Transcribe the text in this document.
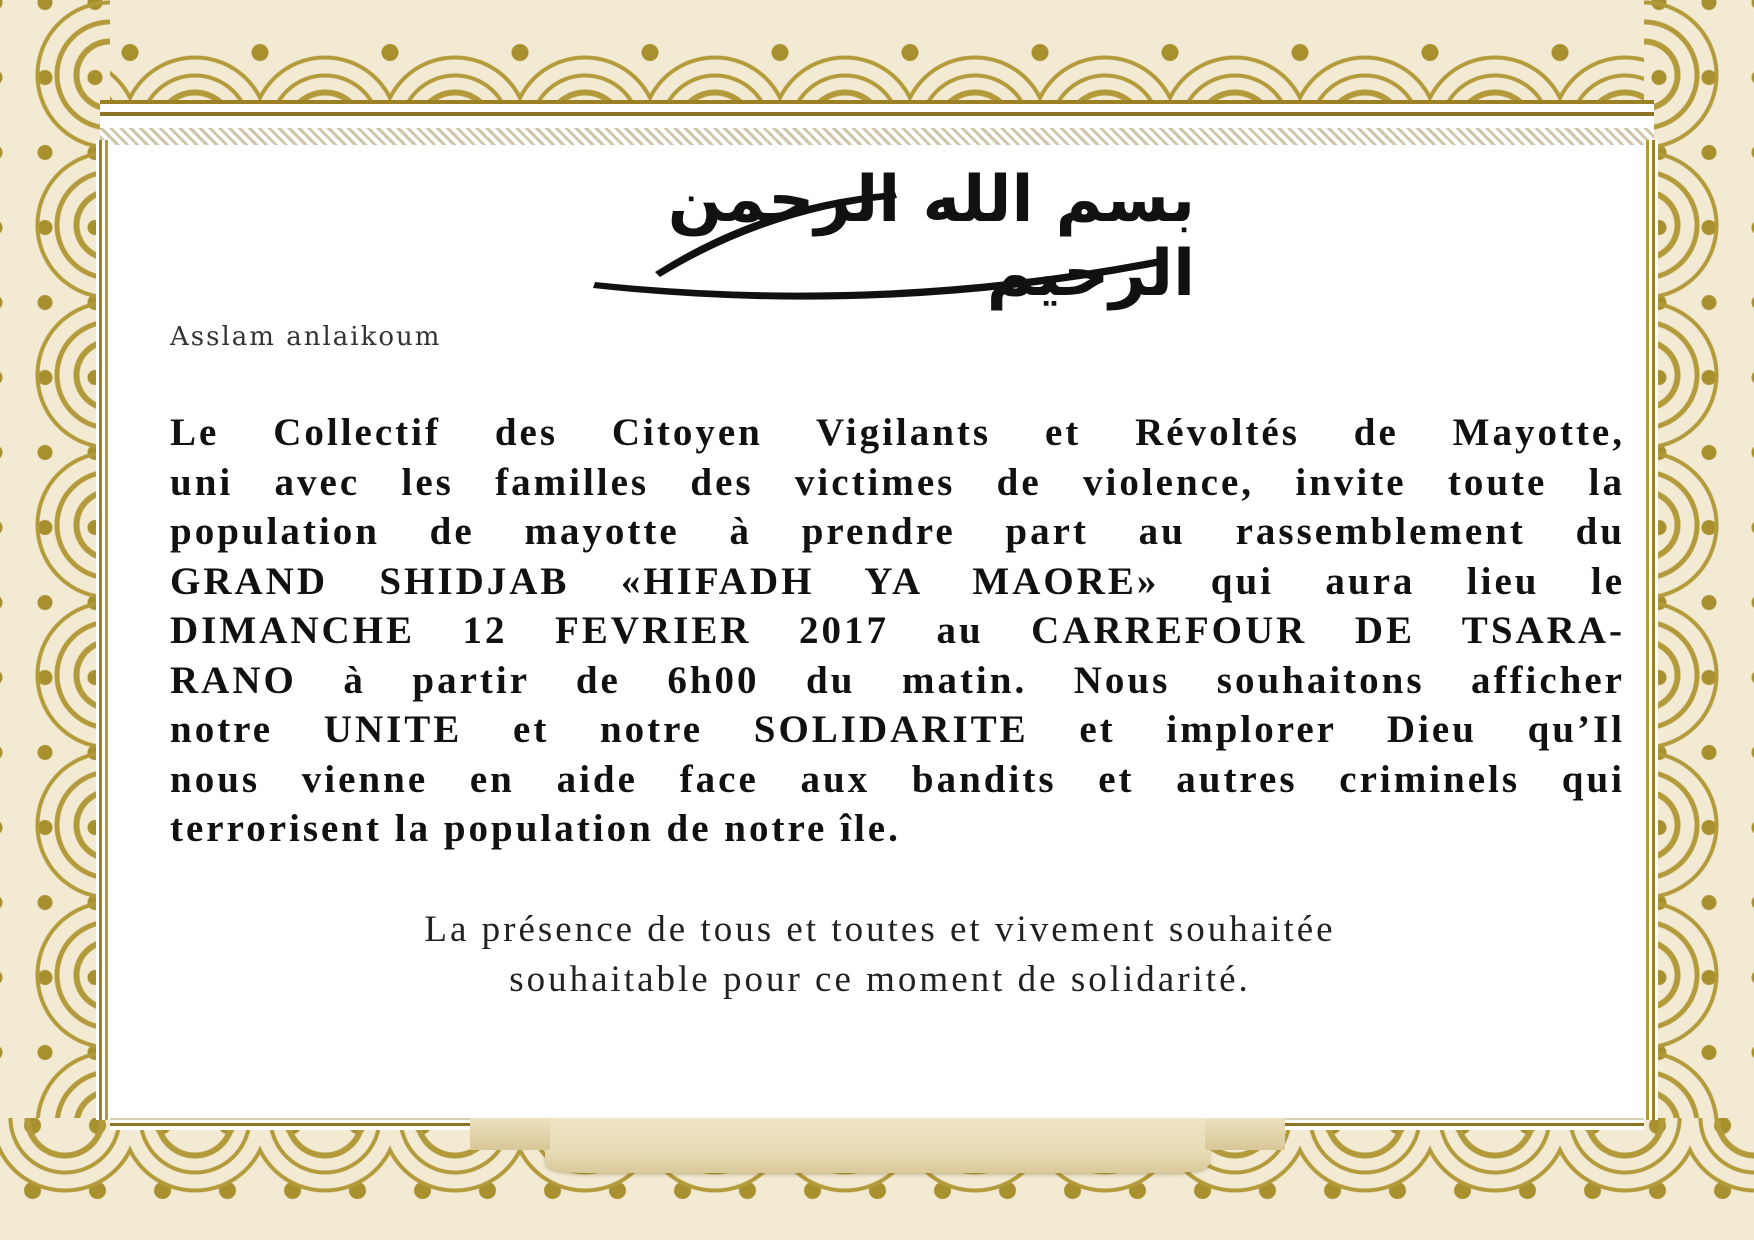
بسم الله الرحمن الرحيم
Asslam anlaikoum
Le Collectif des Citoyen Vigilants et Révoltés de Mayotte,
uni avec les familles des victimes de violence, invite toute la
population de mayotte à prendre part au rassemblement du
GRAND SHIDJAB «HIFADH YA MAORE» qui aura lieu le
DIMANCHE 12 FEVRIER 2017 au CARREFOUR DE TSARA-
RANO à partir de 6h00 du matin. Nous souhaitons afficher
notre UNITE et notre SOLIDARITE et implorer Dieu qu’Il
nous vienne en aide face aux bandits et autres criminels qui
terrorisent la population de notre île.
La présence de tous et toutes et vivement souhaitée
souhaitable pour ce moment de solidarité.
